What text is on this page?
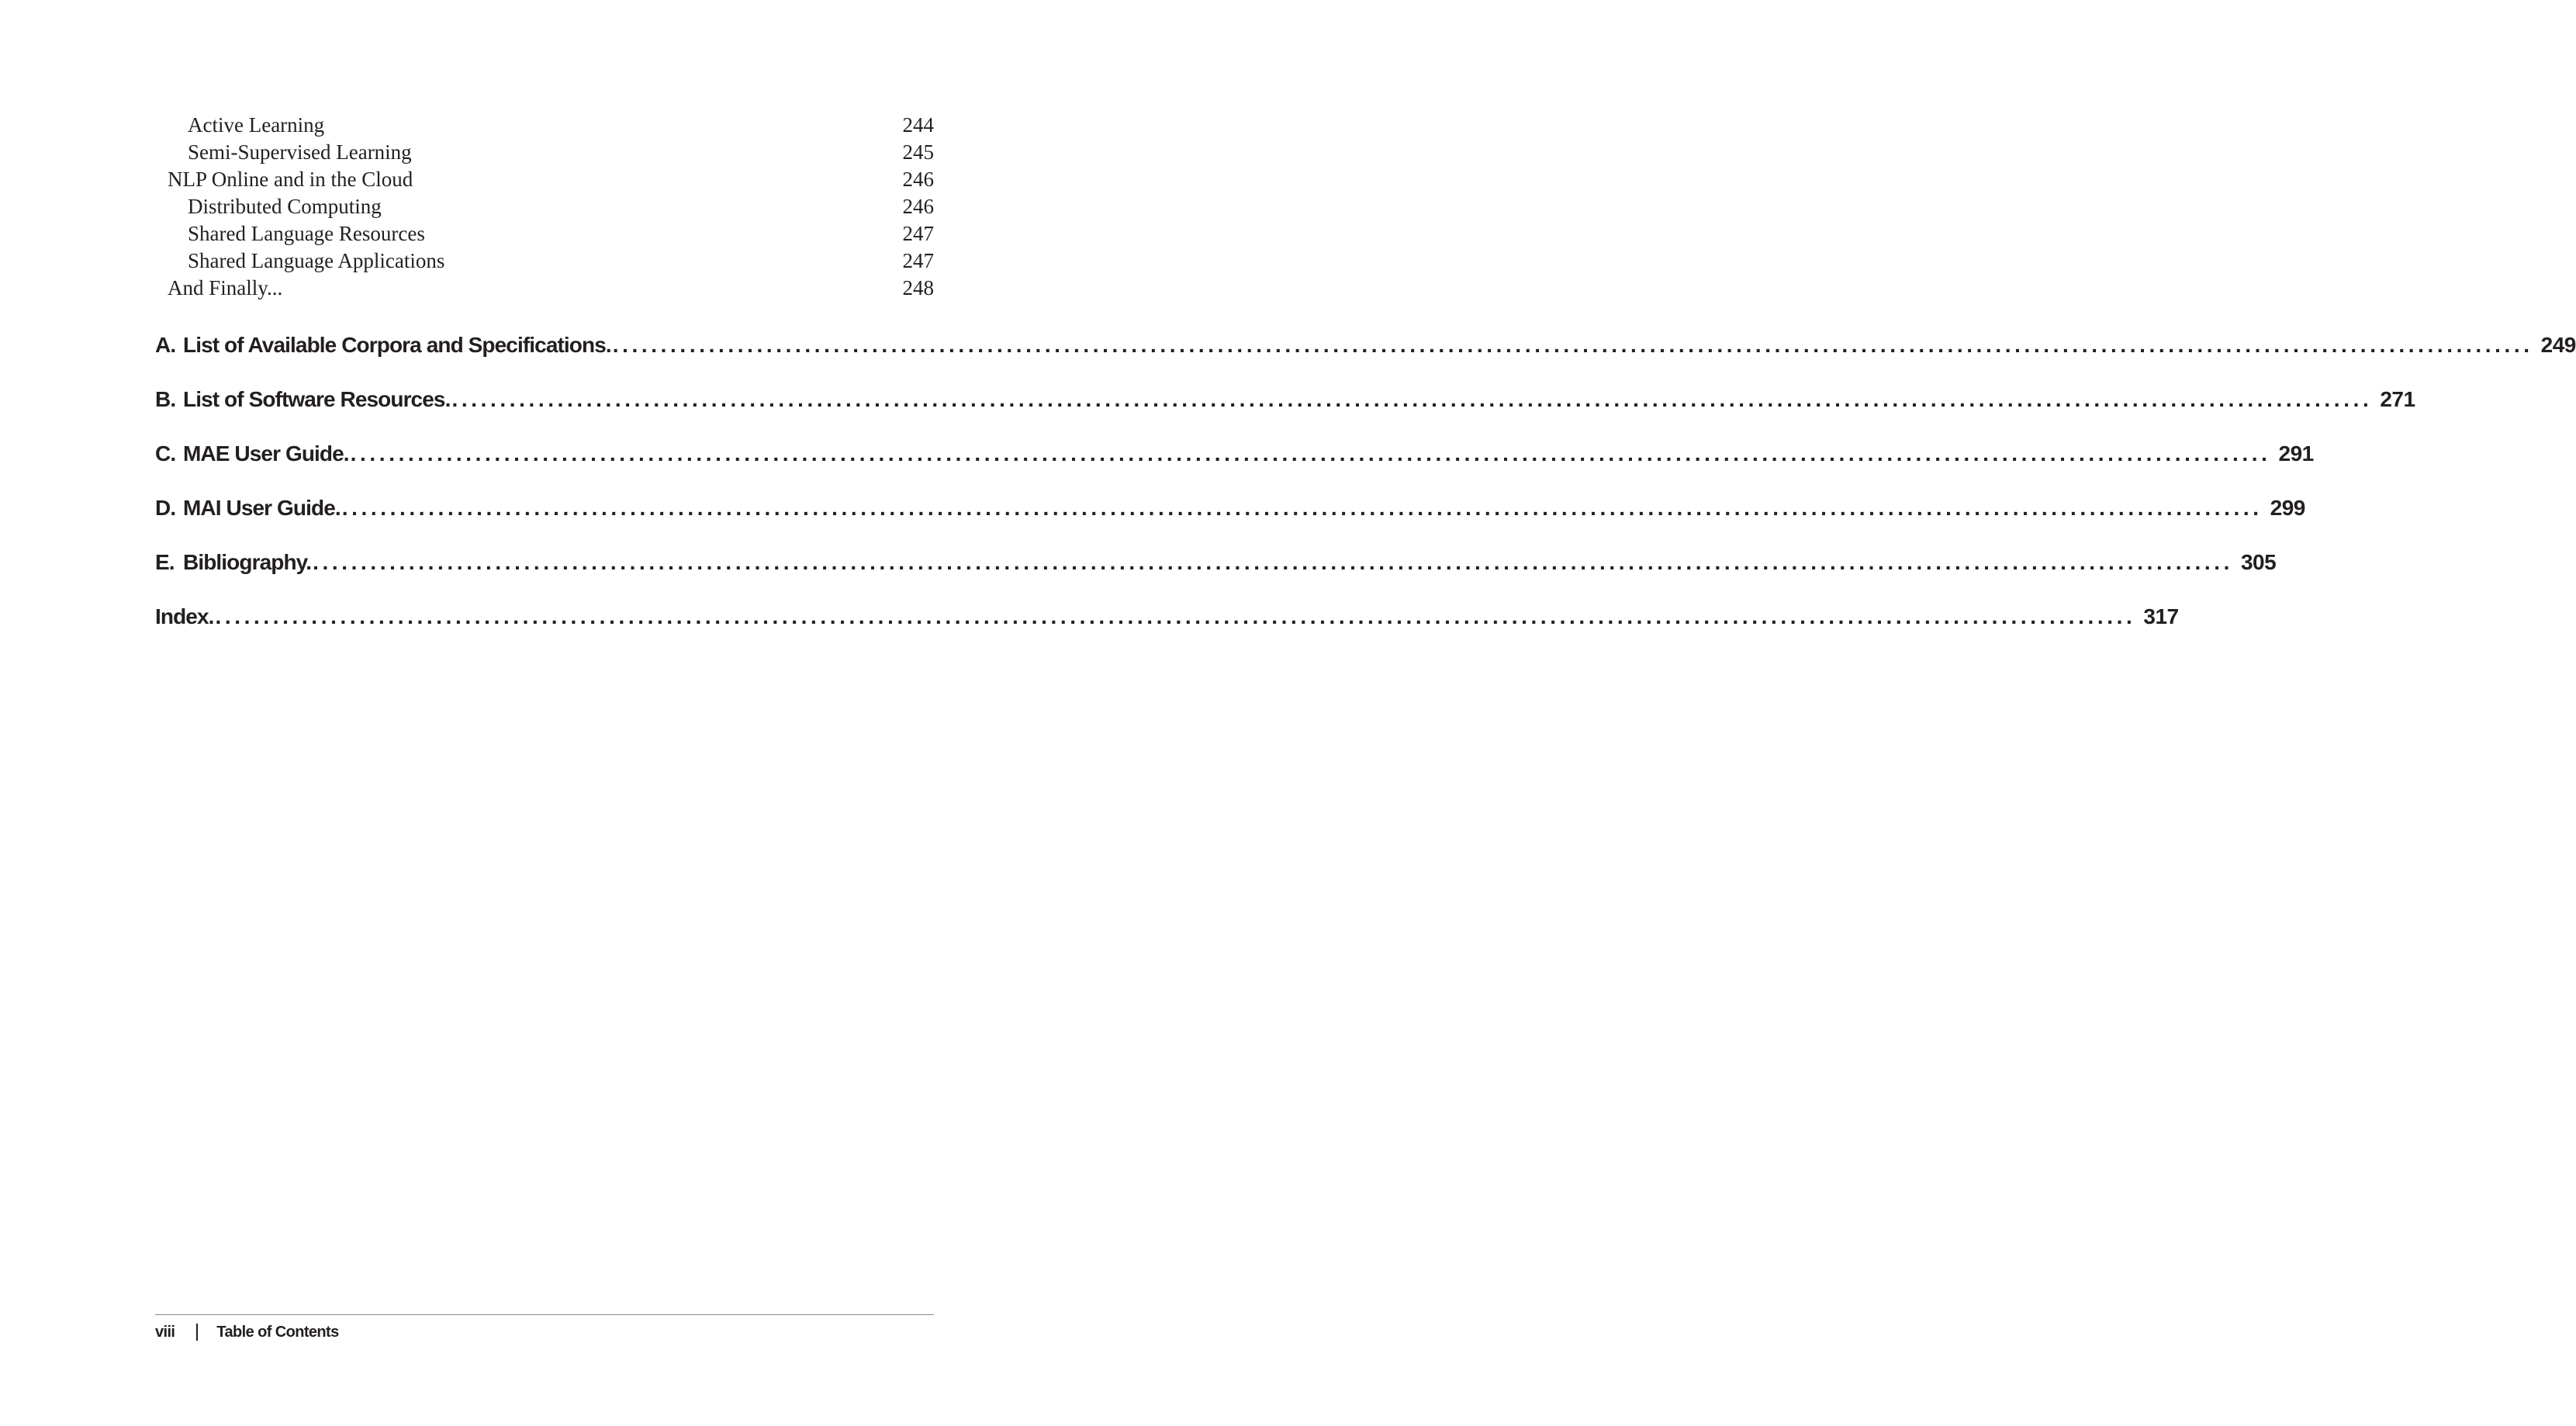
Active Learning	244
Semi-Supervised Learning	245
NLP Online and in the Cloud	246
Distributed Computing	246
Shared Language Resources	247
Shared Language Applications	247
And Finally...	248
A. List of Available Corpora and Specifications. ........................................................................................................................................................................................................ 249
B. List of Software Resources. ........................................................................................................................................................................................................ 271
C. MAE User Guide. ........................................................................................................................................................................................................ 291
D. MAI User Guide. ........................................................................................................................................................................................................ 299
E. Bibliography. ........................................................................................................................................................................................................ 305
Index. ........................................................................................................................................................................................................ 317
viii	Table of Contents
